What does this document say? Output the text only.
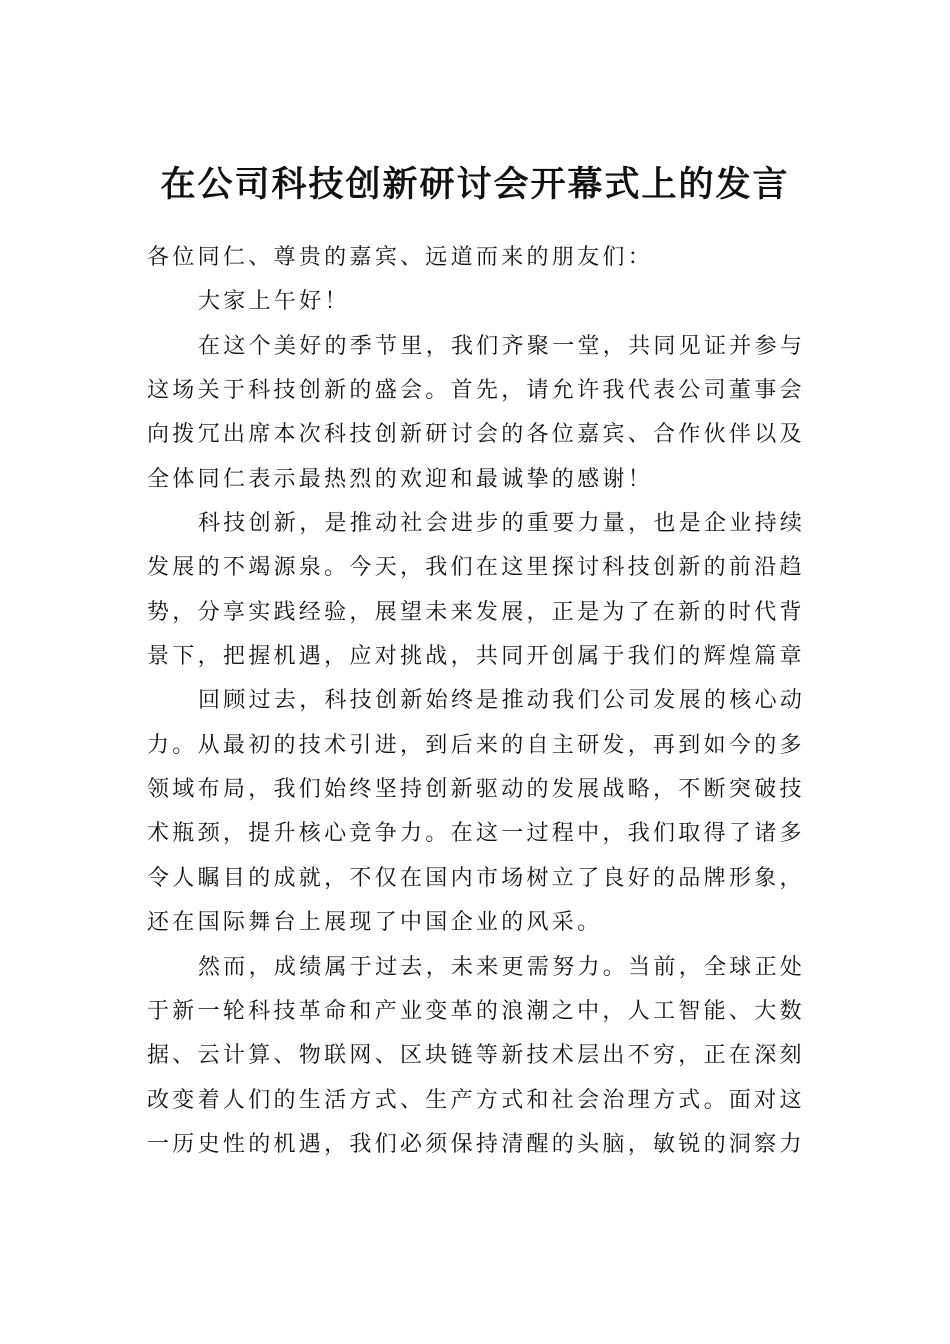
在公司科技创新研讨会开幕式上的发言
各位同仁、尊贵的嘉宾、远道而来的朋友们：
大家上午好！
在这个美好的季节里，我们齐聚一堂，共同见证并参与
这场关于科技创新的盛会。首先，请允许我代表公司董事会
向拨冗出席本次科技创新研讨会的各位嘉宾、合作伙伴以及
全体同仁表示最热烈的欢迎和最诚挚的感谢！
科技创新，是推动社会进步的重要力量，也是企业持续
发展的不竭源泉。今天，我们在这里探讨科技创新的前沿趋
势，分享实践经验，展望未来发展，正是为了在新的时代背
景下，把握机遇，应对挑战，共同开创属于我们的辉煌篇章
回顾过去，科技创新始终是推动我们公司发展的核心动
力。从最初的技术引进，到后来的自主研发，再到如今的多
领域布局，我们始终坚持创新驱动的发展战略，不断突破技
术瓶颈，提升核心竞争力。在这一过程中，我们取得了诸多
令人瞩目的成就，不仅在国内市场树立了良好的品牌形象，
还在国际舞台上展现了中国企业的风采。
然而，成绩属于过去，未来更需努力。当前，全球正处
于新一轮科技革命和产业变革的浪潮之中，人工智能、大数
据、云计算、物联网、区块链等新技术层出不穷，正在深刻
改变着人们的生活方式、生产方式和社会治理方式。面对这
一历史性的机遇，我们必须保持清醒的头脑，敏锐的洞察力
